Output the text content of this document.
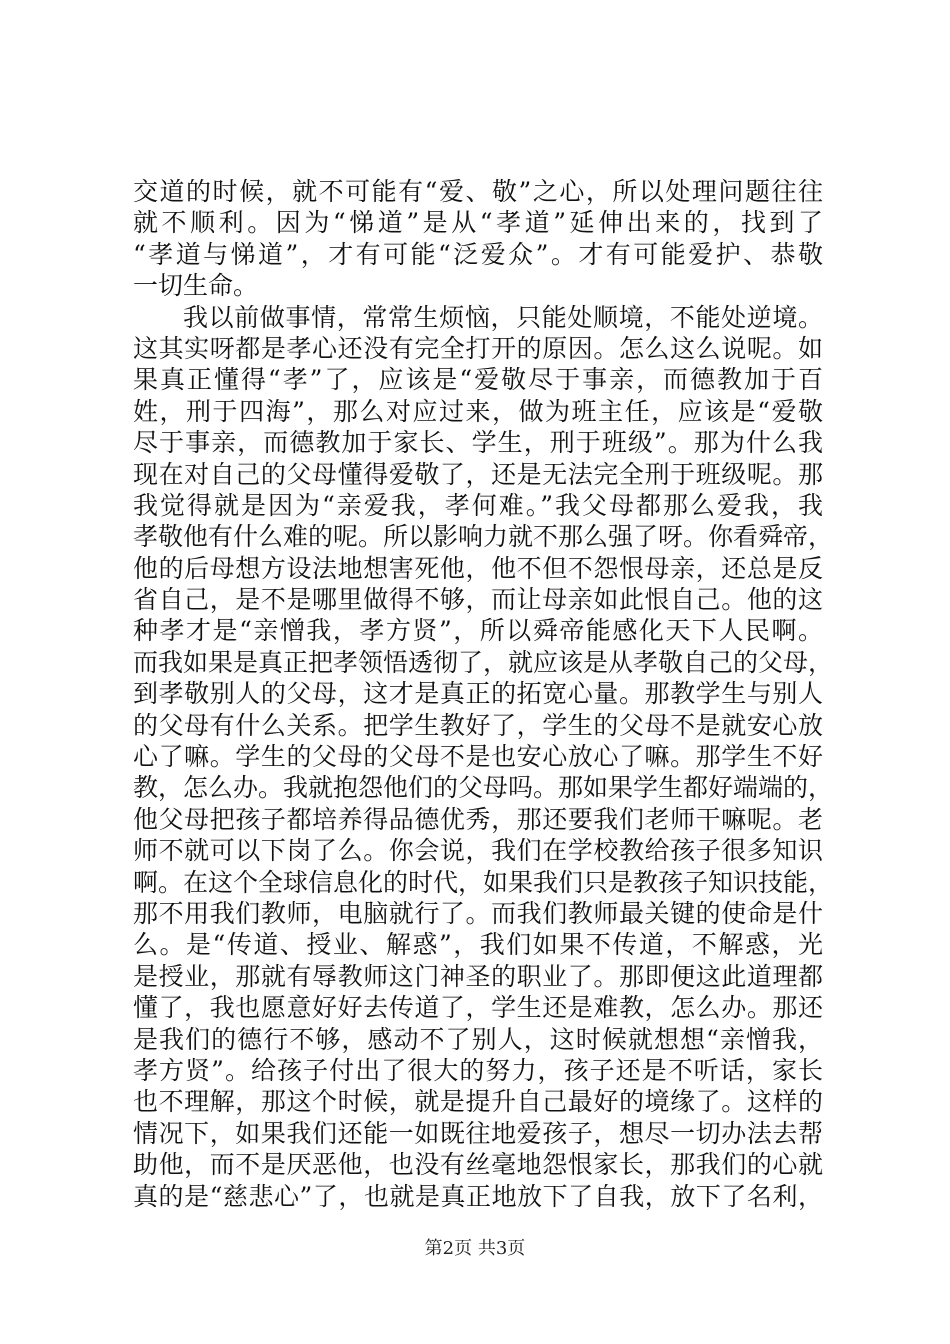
交道的时候，就不可能有“爱、敬”之心，所以处理问题往往
就不顺利。因为“悌道”是从“孝道”延伸出来的，找到了
“孝道与悌道”，才有可能“泛爱众”。才有可能爱护、恭敬
一切生命。
我以前做事情，常常生烦恼，只能处顺境，不能处逆境。
这其实呀都是孝心还没有完全打开的原因。怎么这么说呢。如
果真正懂得“孝”了，应该是“爱敬尽于事亲，而德教加于百
姓，刑于四海”，那么对应过来，做为班主任，应该是“爱敬
尽于事亲，而德教加于家长、学生，刑于班级”。那为什么我
现在对自己的父母懂得爱敬了，还是无法完全刑于班级呢。那
我觉得就是因为“亲爱我，孝何难。”我父母都那么爱我，我
孝敬他有什么难的呢。所以影响力就不那么强了呀。你看舜帝，
他的后母想方设法地想害死他，他不但不怨恨母亲，还总是反
省自己，是不是哪里做得不够，而让母亲如此恨自己。他的这
种孝才是“亲憎我，孝方贤”，所以舜帝能感化天下人民啊。
而我如果是真正把孝领悟透彻了，就应该是从孝敬自己的父母，
到孝敬别人的父母，这才是真正的拓宽心量。那教学生与别人
的父母有什么关系。把学生教好了，学生的父母不是就安心放
心了嘛。学生的父母的父母不是也安心放心了嘛。那学生不好
教，怎么办。我就抱怨他们的父母吗。那如果学生都好端端的，
他父母把孩子都培养得品德优秀，那还要我们老师干嘛呢。老
师不就可以下岗了么。你会说，我们在学校教给孩子很多知识
啊。在这个全球信息化的时代，如果我们只是教孩子知识技能，
那不用我们教师，电脑就行了。而我们教师最关键的使命是什
么。是“传道、授业、解惑”，我们如果不传道，不解惑，光
是授业，那就有辱教师这门神圣的职业了。那即便这此道理都
懂了，我也愿意好好去传道了，学生还是难教，怎么办。那还
是我们的德行不够，感动不了别人，这时候就想想“亲憎我，
孝方贤”。给孩子付出了很大的努力，孩子还是不听话，家长
也不理解，那这个时候，就是提升自己最好的境缘了。这样的
情况下，如果我们还能一如既往地爱孩子，想尽一切办法去帮
助他，而不是厌恶他，也没有丝毫地怨恨家长，那我们的心就
真的是“慈悲心”了，也就是真正地放下了自我，放下了名利，
第2页 共3页
